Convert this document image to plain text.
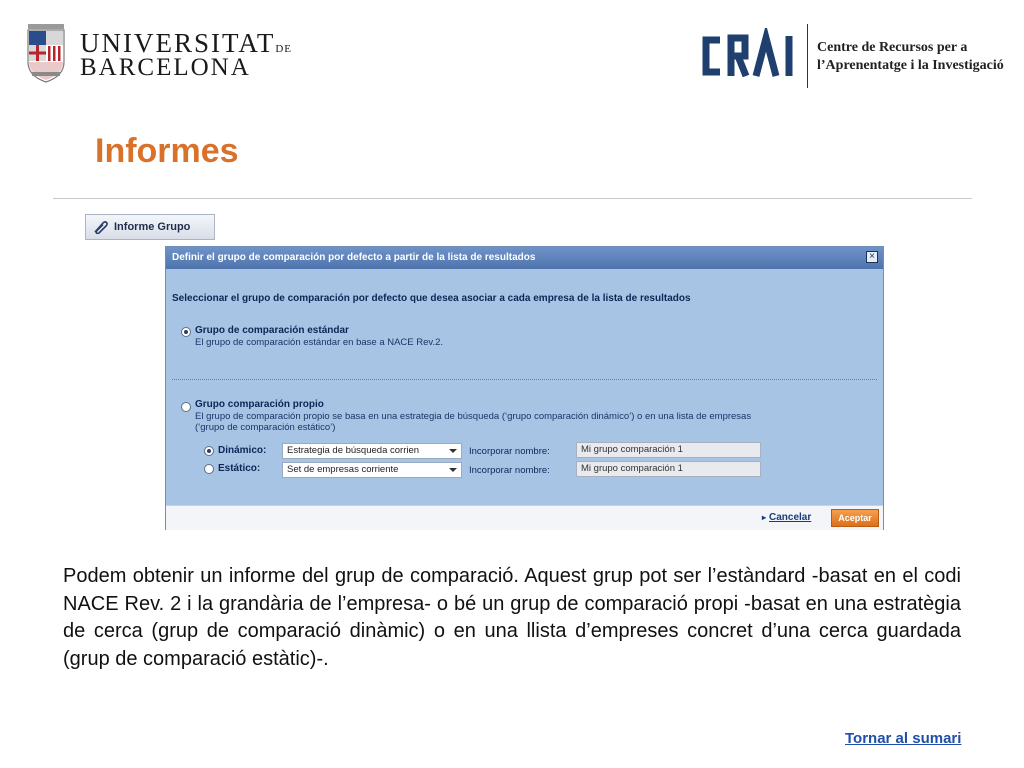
UNIVERSITATDE
BARCELONA
Centre de Recursos per a
l’Aprenentatge i la Investigació
Informes
Informe Grupo
Definir el grupo de comparación por defecto a partir de la lista de resultados	×
Seleccionar el grupo de comparación por defecto que desea asociar a cada empresa de la lista de resultados
Grupo de comparación estándar
El grupo de comparación estándar en base a NACE Rev.2.
Grupo comparación propio
El grupo de comparación propio se basa en una estrategia de búsqueda (‘grupo comparación dinámico’) o en una lista de empresas
(‘grupo de comparación estático’)
Dinámico:	Estrategia de búsqueda corrien	Incorporar nombre:	Mi grupo comparación 1
Estático:	Set de empresas corriente	Incorporar nombre:	Mi grupo comparación 1
▸ Cancelar	Aceptar
Podem obtenir un informe del grup de comparació. Aquest grup pot ser l’estàndard -basat en el codi NACE Rev. 2 i la grandària de l’empresa- o bé un grup de comparació propi -basat en una estratègia de cerca (grup de comparació dinàmic) o en una llista d’empreses concret d’una cerca guardada (grup de comparació estàtic)-.
Tornar al sumari
